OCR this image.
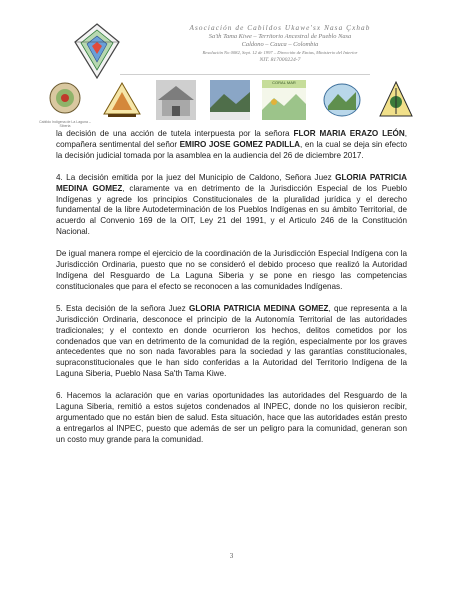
Asociación de Cabildos Ukawe'sx Nasa Çxhab
Sa'th Tama Kiwe – Territorio Ancestral de Pueblo Nasa
Caldono – Cauca – Colombia
Resolución No 0082, Sept. 12 de 1997 – Dirección de Etnias, Ministerio del Interior
NIT. 817000224-7
Cabildo Indígena de La Laguna – Siberia
CORAL MAR

la decisión de una acción de tutela interpuesta por la señora FLOR MARIA ERAZO LEÓN, compañera sentimental del señor EMIRO JOSE GOMEZ PADILLA, en la cual se deja sin efecto la decisión judicial tomada por la asamblea en la audiencia del 26 de diciembre 2017.

4. La decisión emitida por la juez del Municipio de Caldono, Señora Juez GLORIA PATRICIA MEDINA GOMEZ, claramente va en detrimento de la Jurisdicción Especial de los Pueblo Indígenas y agrede los principios Constitucionales de la pluralidad jurídica y el derecho fundamental de la libre Autodeterminación de los Pueblos Indígenas en su ámbito Territorial, de acuerdo al Convenio 169 de la OIT, Ley 21 del 1991, y el Articulo 246 de la Constitución Nacional.

De igual manera rompe el ejercicio de la coordinación de la Jurisdicción Especial Indígena con la Jurisdicción Ordinaria, puesto que no se consideró el debido proceso que realizó la Autoridad Indígena del Resguardo de La Laguna Siberia y se pone en riesgo las competencias constitucionales que para el efecto se reconocen a las comunidades Indígenas.

5. Esta decisión de la señora Juez GLORIA PATRICIA MEDINA GOMEZ, que representa a la Jurisdicción Ordinaria, desconoce el principio de la Autonomía Territorial de las autoridades tradicionales; y el contexto en donde ocurrieron los hechos, delitos cometidos por los condenados que van en detrimento de la comunidad de la región, especialmente por los graves antecedentes que no son nada favorables para la sociedad y las garantías constitucionales, supraconstitucionales que le han sido conferidas a la Autoridad del Territorio Indígena de la Laguna Siberia, Pueblo Nasa Sa'th Tama Kiwe.

6. Hacemos la aclaración que en varias oportunidades las autoridades del Resguardo de la Laguna Siberia, remitió a estos sujetos condenados al INPEC, donde no los quisieron recibir, argumentado que no están bien de salud. Esta situación, hace que las autoridades están presto a entregarlos al INPEC, puesto que además de ser un peligro para la comunidad, generan son un costo muy grande para la comunidad.

3
